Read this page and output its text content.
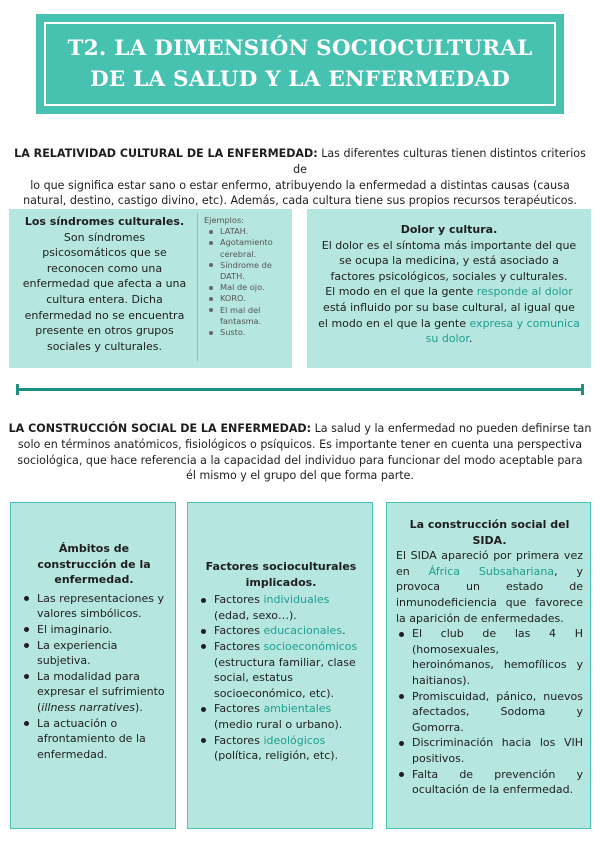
T2. LA DIMENSIÓN SOCIOCULTURAL
DE LA SALUD Y LA ENFERMEDAD
LA RELATIVIDAD CULTURAL DE LA ENFERMEDAD: Las diferentes culturas tienen distintos criterios de
lo que significa estar sano o estar enfermo, atribuyendo la enfermedad a distintas causas (causa
natural, destino, castigo divino, etc). Además, cada cultura tiene sus propios recursos terapéuticos.
Los síndromes culturales.
Son síndromes
psicosomáticos que se
reconocen como una
enfermedad que afecta a una
cultura entera. Dicha
enfermedad no se encuentra
presente en otros grupos
sociales y culturales.
Ejemplos:
LATAH.
Agotamiento
cerebral.
Síndrome de
DATH.
Mal de ojo.
KORO.
El mal del
fantasma.
Susto.
Dolor y cultura.
El dolor es el síntoma más importante del que
se ocupa la medicina, y está asociado a
factores psicológicos, sociales y culturales.
El modo en el que la gente responde al dolor
está influido por su base cultural, al igual que
el modo en el que la gente expresa y comunica
su dolor.
LA CONSTRUCCIÓN SOCIAL DE LA ENFERMEDAD: La salud y la enfermedad no pueden definirse tan
solo en términos anatómicos, fisiológicos o psíquicos. Es importante tener en cuenta una perspectiva
sociológica, que hace referencia a la capacidad del individuo para funcionar del modo aceptable para
él mismo y el grupo del que forma parte.
Ámbitos de
construcción de la
enfermedad.
Las representaciones y valores simbólicos.
El imaginario.
La experiencia subjetiva.
La modalidad para expresar el sufrimiento (illness narratives).
La actuación o afrontamiento de la enfermedad.
Factores socioculturales
implicados.
Factores individuales (edad, sexo…).
Factores educacionales.
Factores socioeconómicos (estructura familiar, clase social, estatus socioeconómico, etc).
Factores ambientales (medio rural o urbano).
Factores ideológicos (política, religión, etc).
La construcción social del
SIDA.
El SIDA apareció por primera vez en África Subsahariana, y provoca un estado de inmunodeficiencia que favorece la aparición de enfermedades.
El club de las 4 H (homosexuales, heroinómanos, hemofílicos y haitianos).
Promiscuidad, pánico, nuevos afectados, Sodoma y Gomorra.
Discriminación hacia los VIH positivos.
Falta de prevención y ocultación de la enfermedad.
